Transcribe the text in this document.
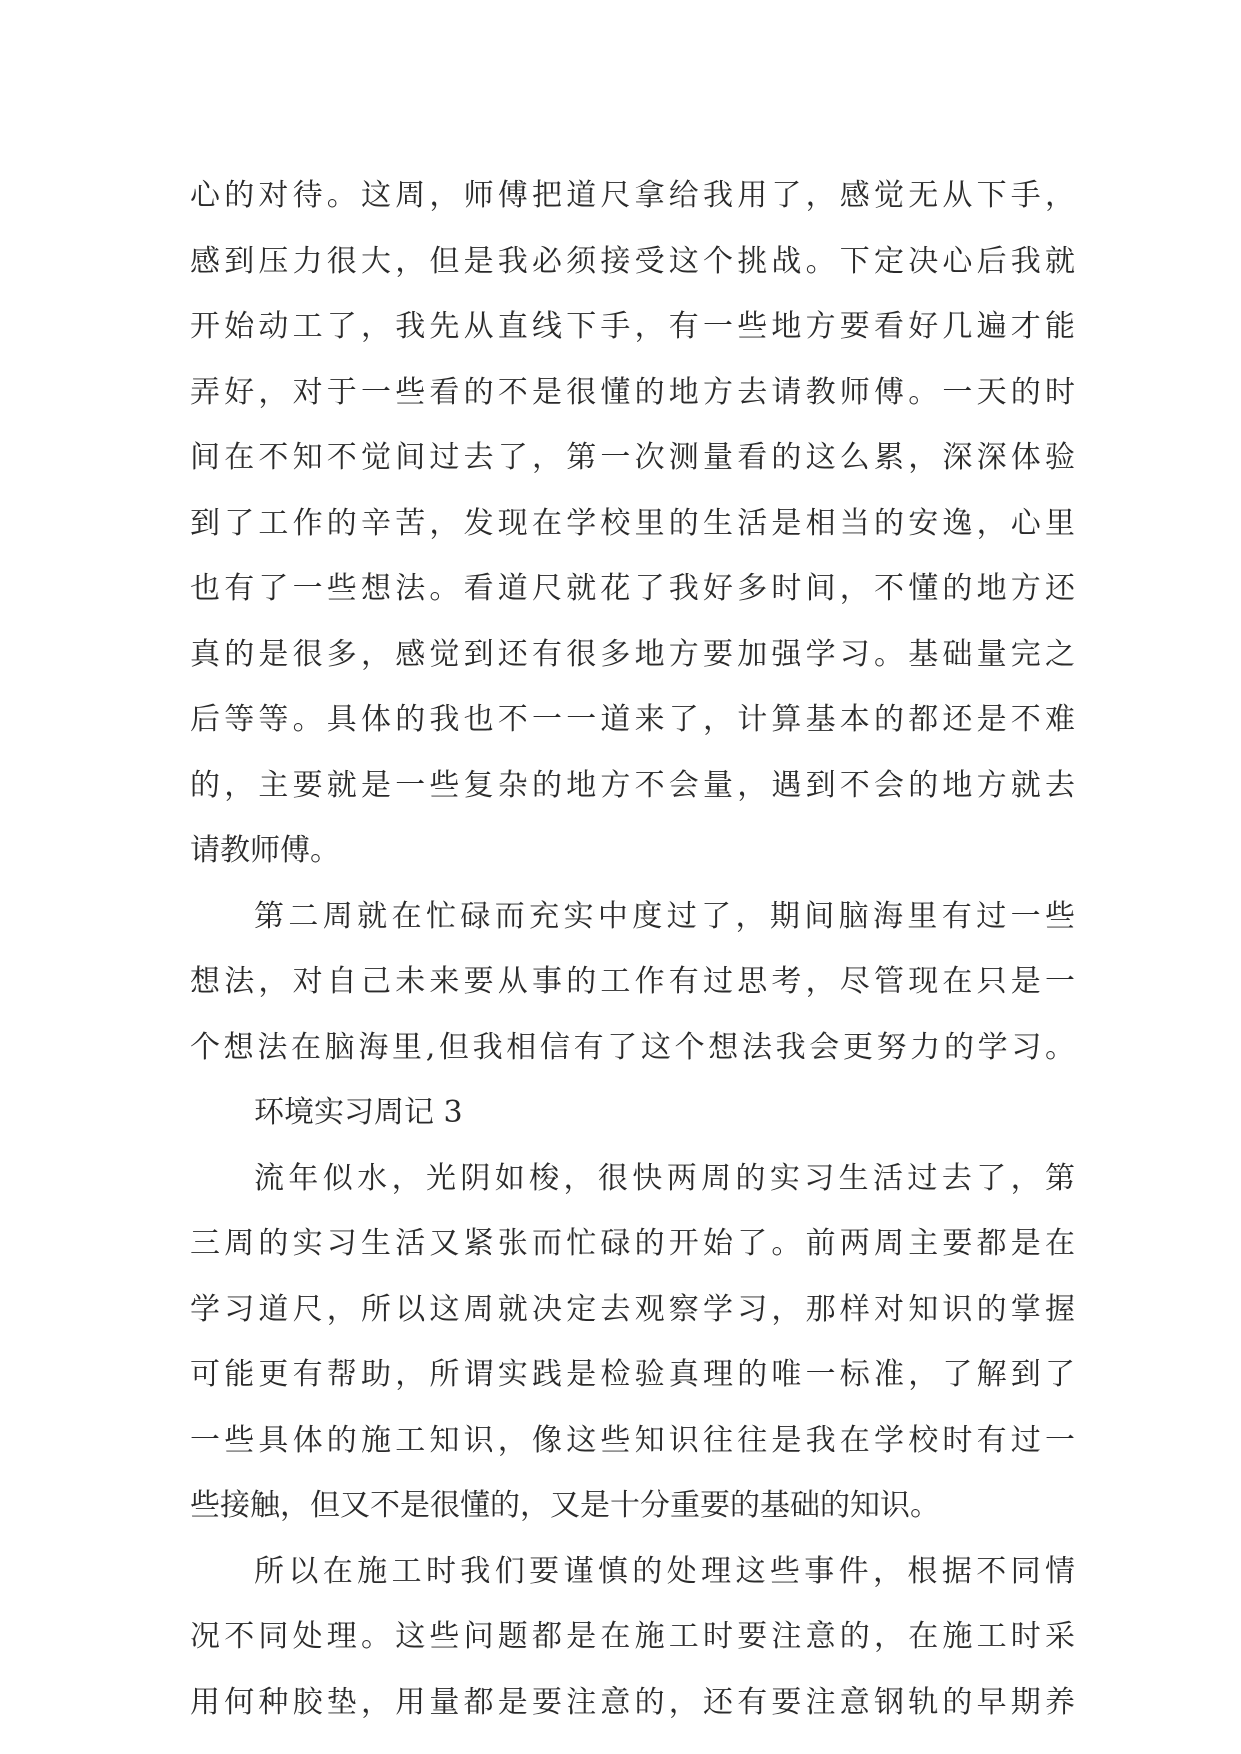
心的对待。这周，师傅把道尺拿给我用了，感觉无从下手，
感到压力很大，但是我必须接受这个挑战。下定决心后我就
开始动工了，我先从直线下手，有一些地方要看好几遍才能
弄好，对于一些看的不是很懂的地方去请教师傅。一天的时
间在不知不觉间过去了，第一次测量看的这么累，深深体验
到了工作的辛苦，发现在学校里的生活是相当的安逸，心里
也有了一些想法。看道尺就花了我好多时间，不懂的地方还
真的是很多，感觉到还有很多地方要加强学习。基础量完之
后等等。具体的我也不一一道来了，计算基本的都还是不难
的，主要就是一些复杂的地方不会量，遇到不会的地方就去
请教师傅。
第二周就在忙碌而充实中度过了，期间脑海里有过一些
想法，对自己未来要从事的工作有过思考，尽管现在只是一
个想法在脑海里,但我相信有了这个想法我会更努力的学习。
环境实习周记 3
流年似水，光阴如梭，很快两周的实习生活过去了，第
三周的实习生活又紧张而忙碌的开始了。前两周主要都是在
学习道尺，所以这周就决定去观察学习，那样对知识的掌握
可能更有帮助，所谓实践是检验真理的唯一标准，了解到了
一些具体的施工知识，像这些知识往往是我在学校时有过一
些接触，但又不是很懂的，又是十分重要的基础的知识。
所以在施工时我们要谨慎的处理这些事件，根据不同情
况不同处理。这些问题都是在施工时要注意的，在施工时采
用何种胶垫，用量都是要注意的，还有要注意钢轨的早期养
